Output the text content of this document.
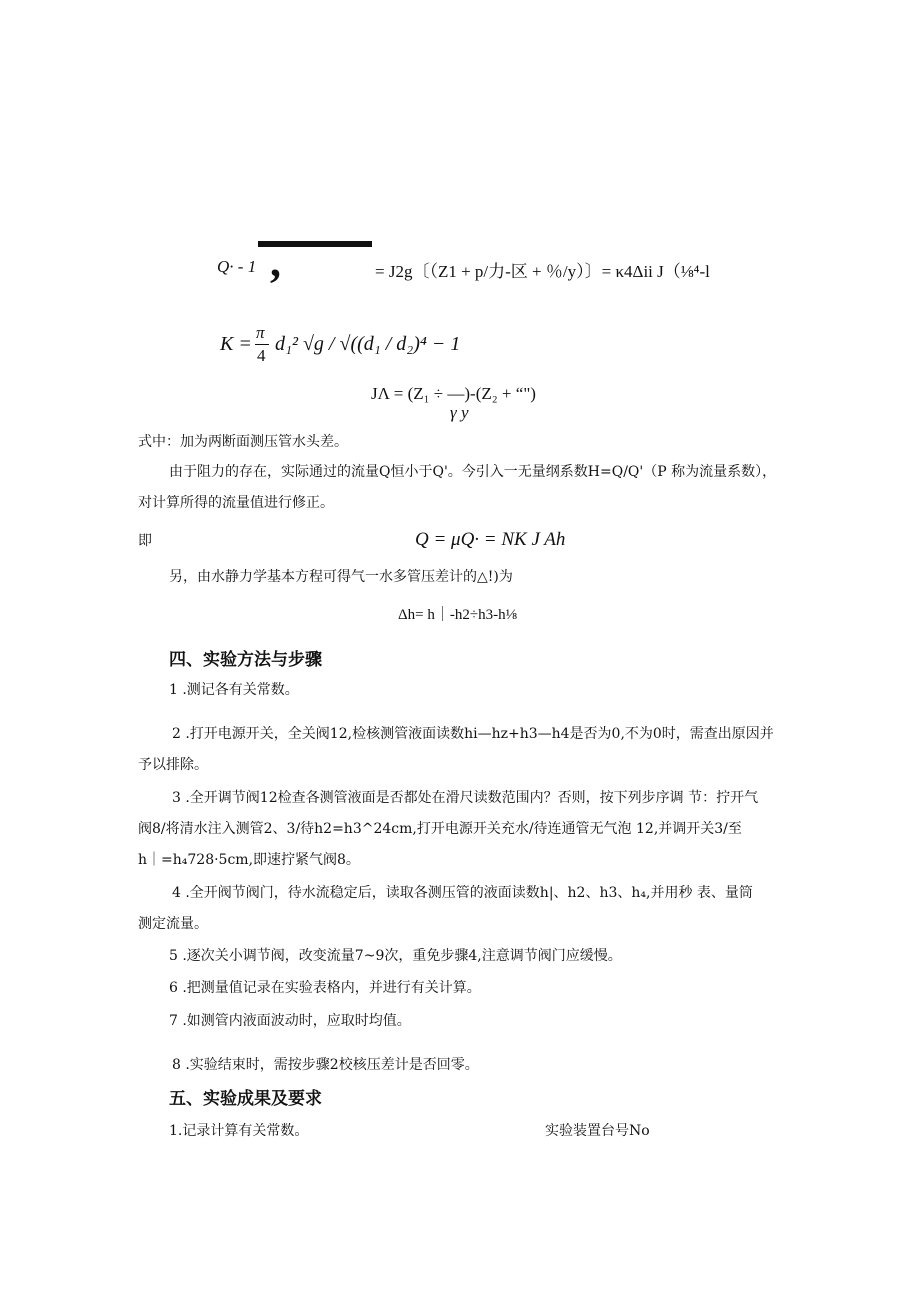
Q· - 1 ,	= J2g〔（Z1 + p/力-区 + ％/y）〕= κ4Δii J（⅛⁴-l
K =
π
4
d₁² √g / √((d₁ / d₂)⁴ − 1
JΛ = (Z₁ ÷ —)-(Z₂ + “")
γ y
式中：加为两断面测压管水头差。
由于阻力的存在，实际通过的流量Q恒小于Q'。今引入一无量纲系数H=Q/Q'（P 称为流量系数），
对计算所得的流量值进行修正。
即	Q = μQ· = NK J Ah
另，由水静力学基本方程可得气一水多管压差计的△!)为
Δh= h｜-h2÷h3-h⅛
四、实验方法与步骤
1 .测记各有关常数。
2 .打开电源开关，全关阀12,检核测管液面读数hi—hz+h3—h4是否为0,不为0时，需查出原因并
予以排除。
3 .全开调节阀12检查各测管液面是否都处在滑尺读数范围内？否则，按下列步序调 节：拧开气
阀8/将清水注入测管2、3/待h2=h3^24cm,打开电源开关充水/待连通管无气泡 12,并调开关3/至
h｜=h₄728·5cm,即速拧紧气阀8。
4 .全开阀节阀门，待水流稳定后，读取各测压管的液面读数h|、h2、h3、h₄,并用秒 表、量筒
测定流量。
5 .逐次关小调节阀，改变流量7~9次，重免步骤4,注意调节阀门应缓慢。
6 .把测量值记录在实验表格内，并进行有关计算。
7 .如测管内液面波动时，应取时均值。
8 .实验结束时，需按步骤2校核压差计是否回零。
五、实验成果及要求
1.记录计算有关常数。	实验装置台号No
